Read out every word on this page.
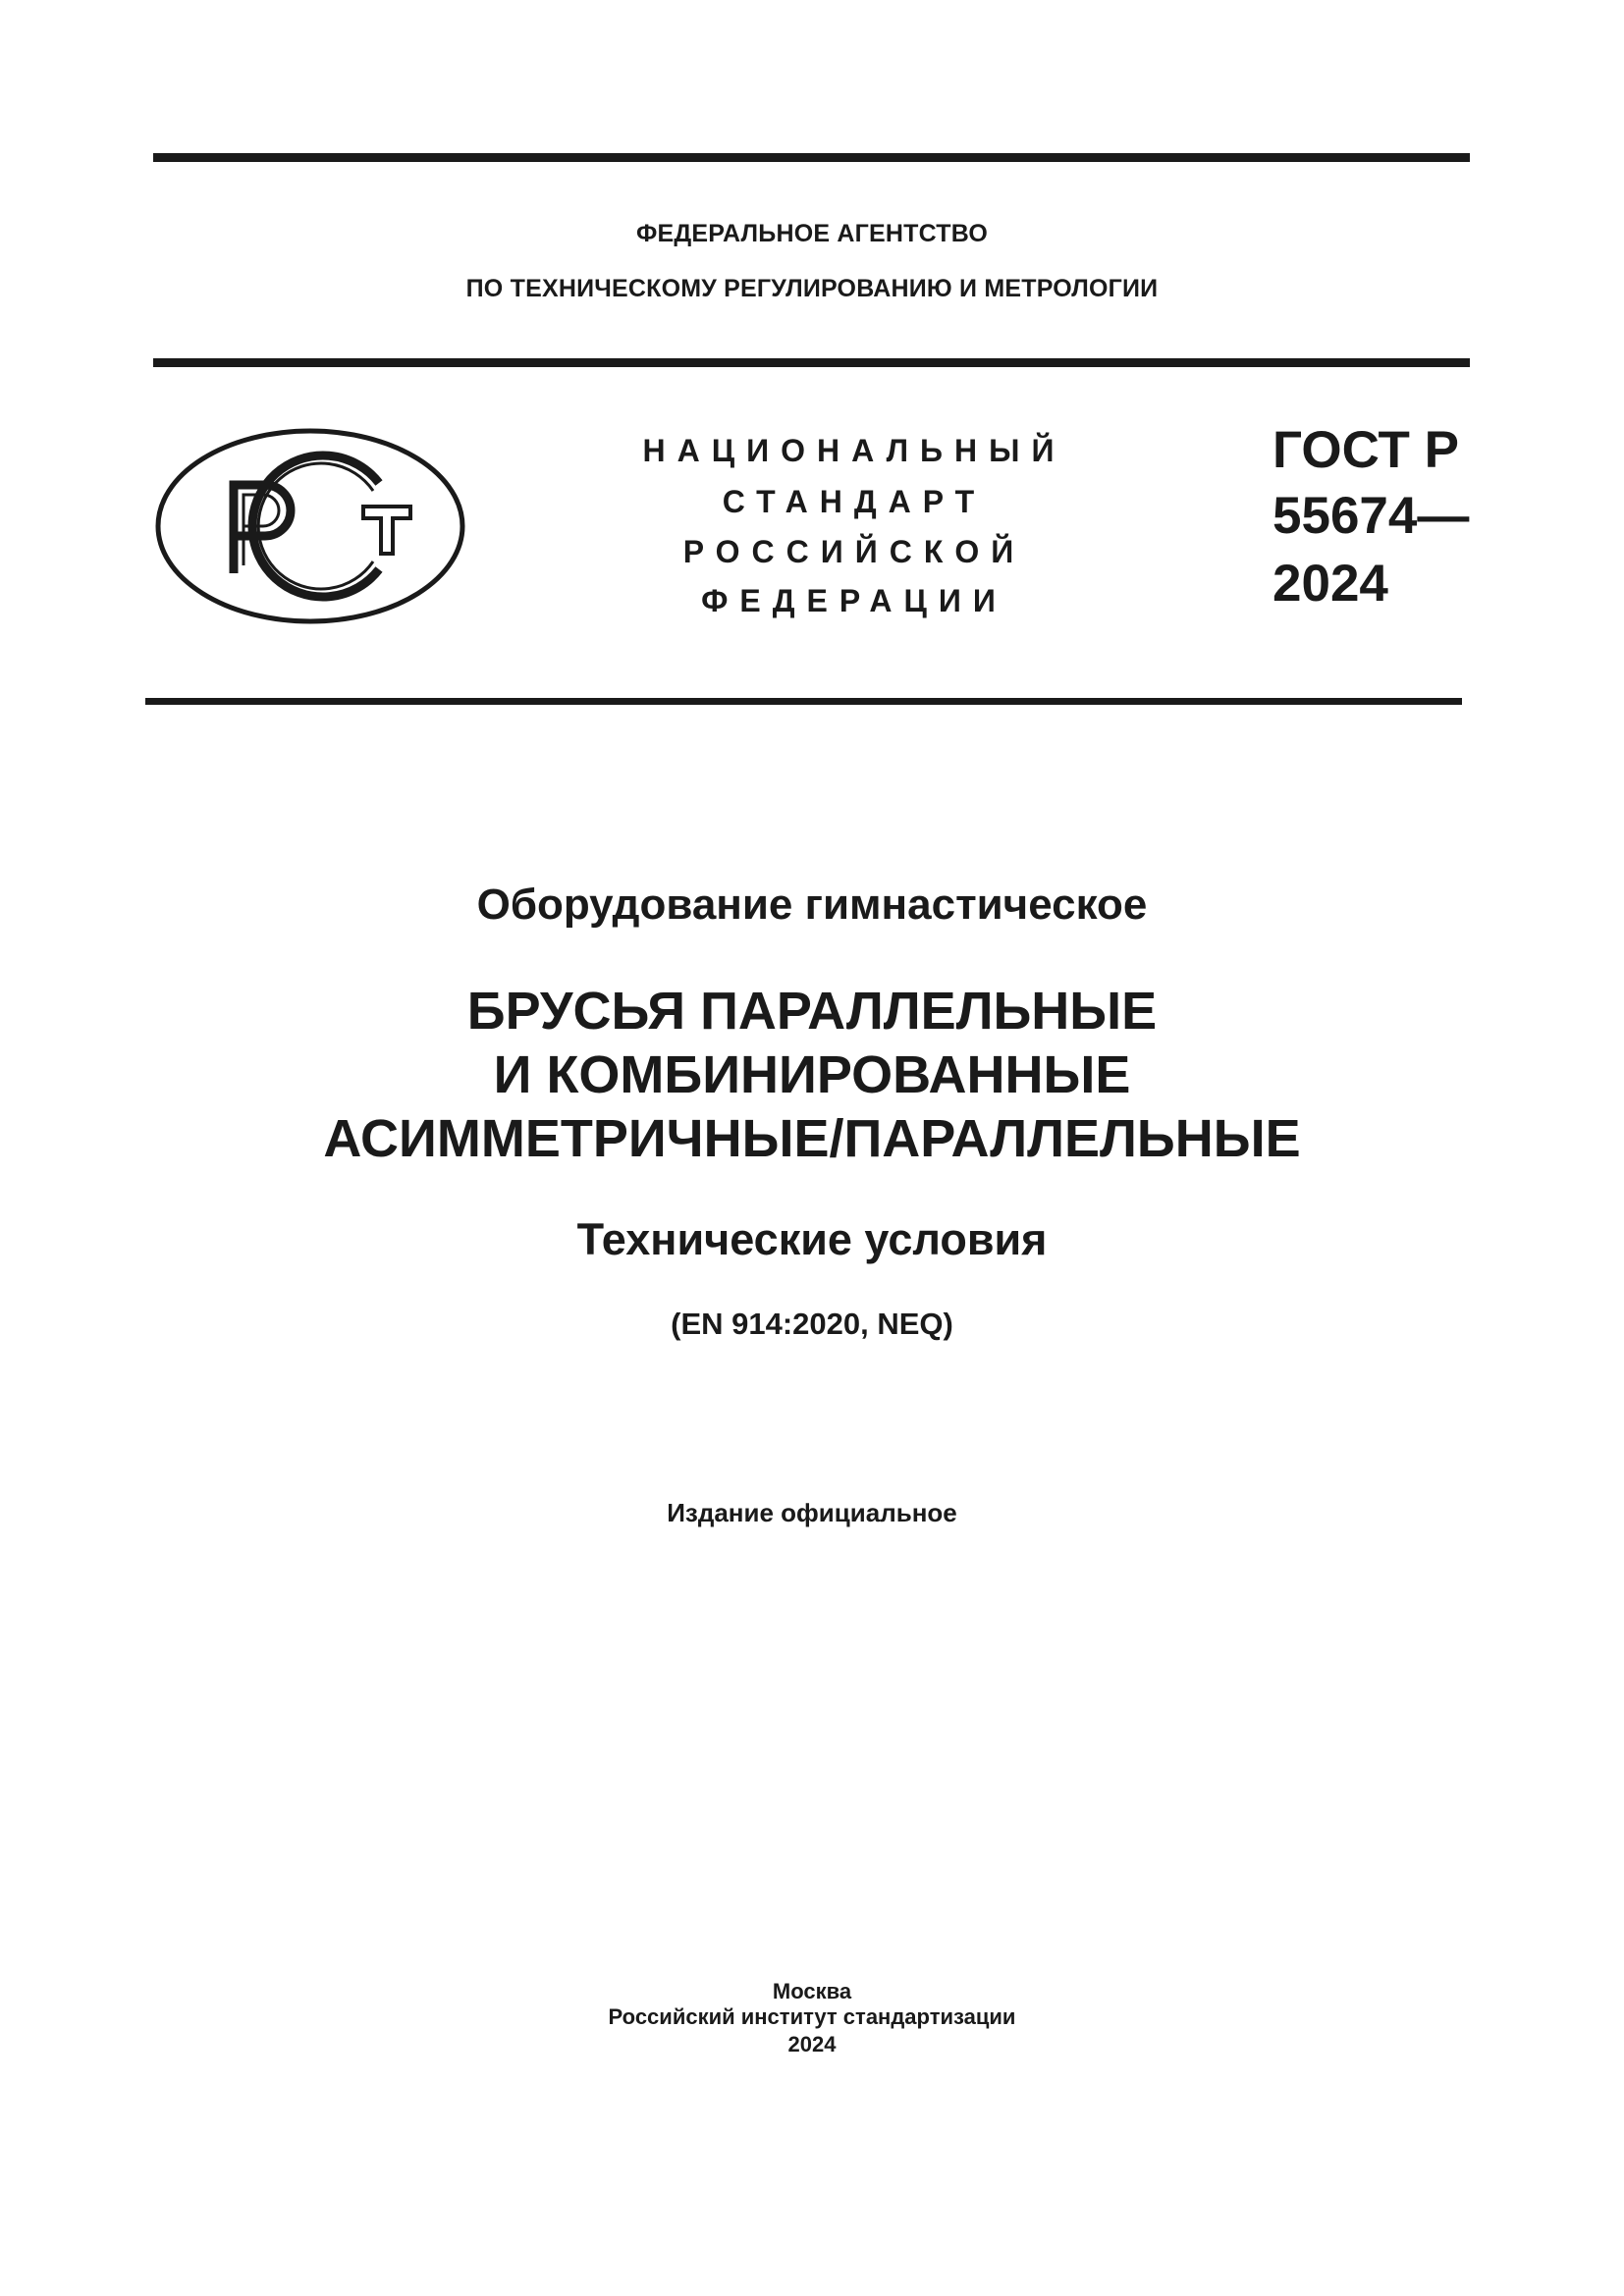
ФЕДЕРАЛЬНОЕ АГЕНТСТВО
ПО ТЕХНИЧЕСКОМУ РЕГУЛИРОВАНИЮ И МЕТРОЛОГИИ
НАЦИОНАЛЬНЫЙ
СТАНДАРТ
РОССИЙСКОЙ
ФЕДЕРАЦИИ
ГОСТ Р
55674—
2024
Оборудование гимнастическое
БРУСЬЯ ПАРАЛЛЕЛЬНЫЕ
И КОМБИНИРОВАННЫЕ
АСИММЕТРИЧНЫЕ/ПАРАЛЛЕЛЬНЫЕ
Технические условия
(EN 914:2020, NEQ)
Издание официальное
Москва
Российский институт стандартизации
2024
